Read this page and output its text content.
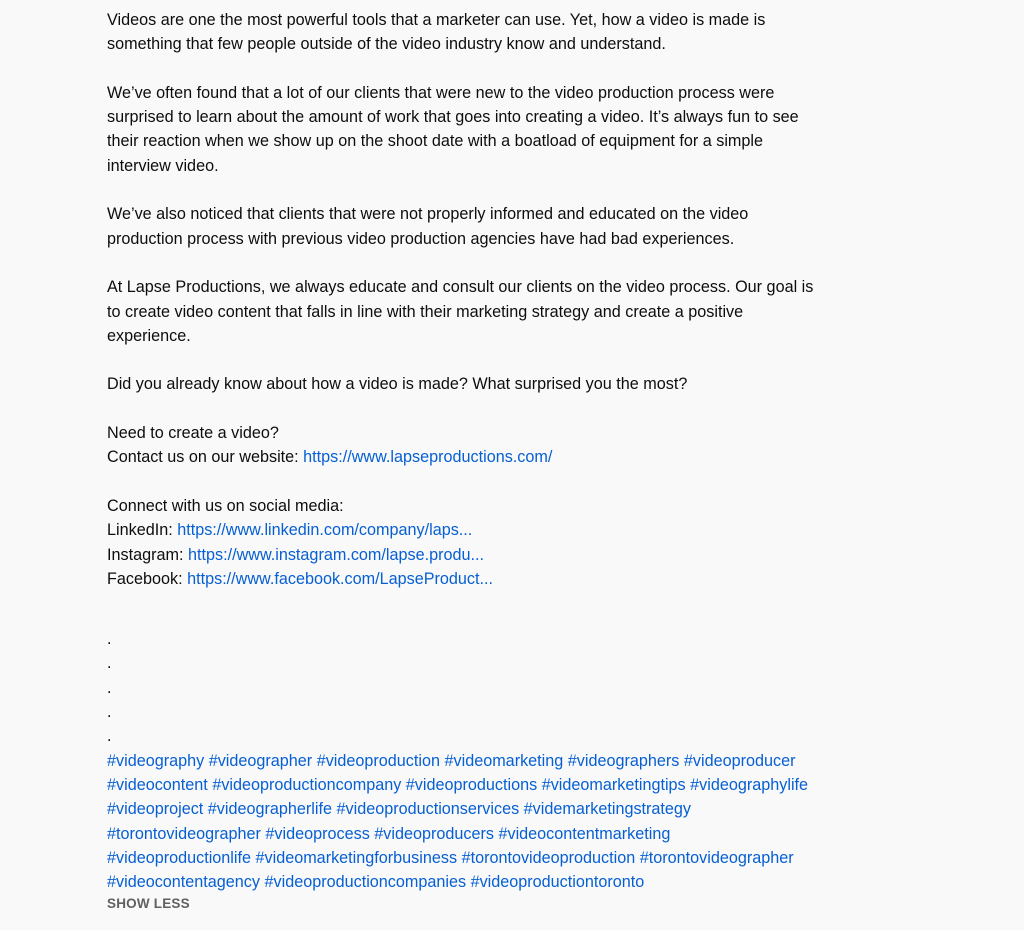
Videos are one the most powerful tools that a marketer can use. Yet, how a video is made is
something that few people outside of the video industry know and understand.
We’ve often found that a lot of our clients that were new to the video production process were
surprised to learn about the amount of work that goes into creating a video. It’s always fun to see
their reaction when we show up on the shoot date with a boatload of equipment for a simple
interview video.
We’ve also noticed that clients that were not properly informed and educated on the video
production process with previous video production agencies have had bad experiences.
At Lapse Productions, we always educate and consult our clients on the video process. Our goal is
to create video content that falls in line with their marketing strategy and create a positive
experience.
Did you already know about how a video is made? What surprised you the most?
Need to create a video?
Contact us on our website: https://www.lapseproductions.com/
Connect with us on social media:
LinkedIn: https://www.linkedin.com/company/laps...
Instagram: https://www.instagram.com/lapse.produ...
Facebook: https://www.facebook.com/LapseProduct...
.
.
.
.
.
#videography #videographer #videoproduction #videomarketing #videographers #videoproducer
#videocontent #videoproductioncompany #videoproductions #videomarketingtips #videographylife
#videoproject #videographerlife #videoproductionservices #videmarketingstrategy
#torontovideographer #videoprocess #videoproducers #videocontentmarketing
#videoproductionlife #videomarketingforbusiness #torontovideoproduction #torontovideographer
#videocontentagency #videoproductioncompanies #videoproductiontoronto
SHOW LESS
